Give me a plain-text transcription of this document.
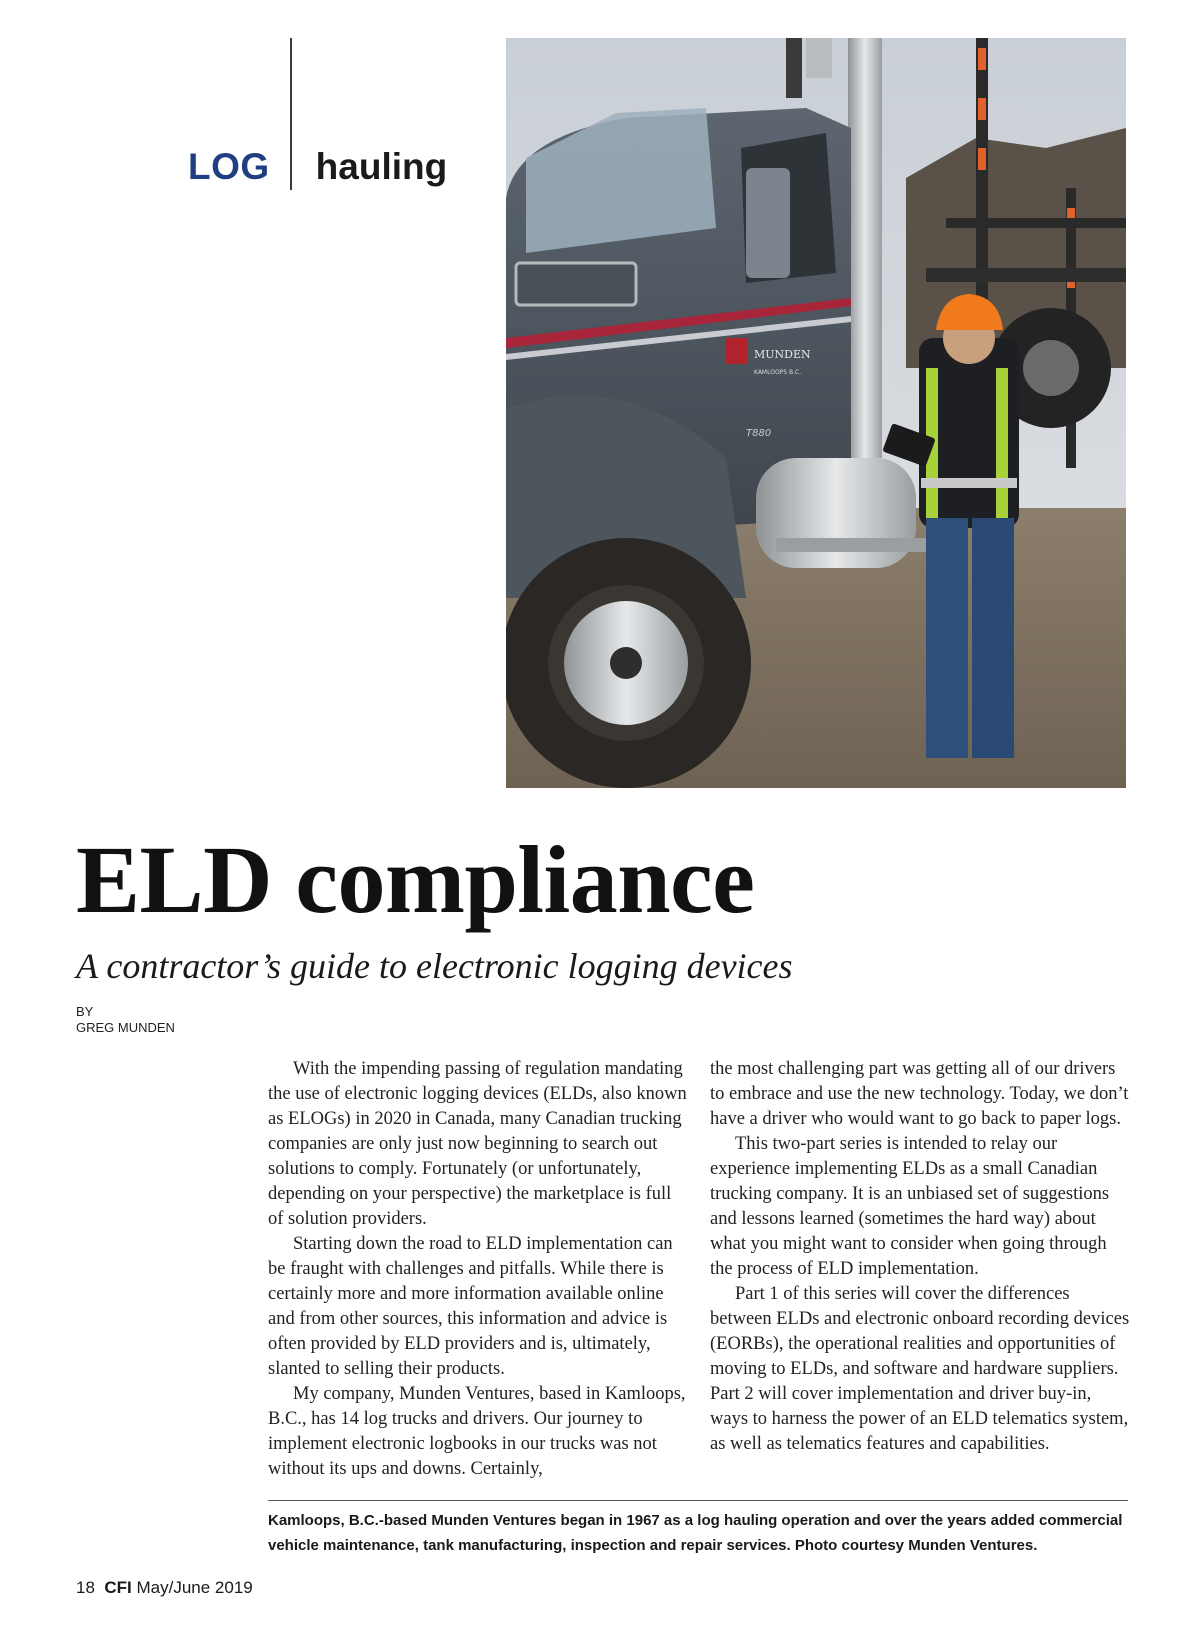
LOG hauling
MUNDEN
KAMLOOPS B.C.
T880
ELD compliance
A contractor’s guide to electronic logging devices
BY
GREG MUNDEN

With the impending passing of regulation mandating the use of electronic logging devices (ELDs, also known as ELOGs) in 2020 in Canada, many Canadian trucking companies are only just now beginning to search out solutions to comply. Fortunately (or unfortunately, depending on your perspective) the marketplace is full of solution providers.

Starting down the road to ELD implementation can be fraught with challenges and pitfalls. While there is certainly more and more information available online and from other sources, this information and advice is often provided by ELD providers and is, ultimately, slanted to selling their products.

My company, Munden Ventures, based in Kamloops, B.C., has 14 log trucks and drivers. Our journey to implement electronic logbooks in our trucks was not without its ups and downs. Certainly,

the most challenging part was getting all of our drivers to embrace and use the new technology. Today, we don’t have a driver who would want to go back to paper logs.

This two-part series is intended to relay our experience implementing ELDs as a small Canadian trucking company. It is an unbiased set of suggestions and lessons learned (sometimes the hard way) about what you might want to consider when going through the process of ELD implementation.

Part 1 of this series will cover the differences between ELDs and electronic onboard recording devices (EORBs), the operational realities and opportunities of moving to ELDs, and software and hardware suppliers. Part 2 will cover implementation and driver buy-in, ways to harness the power of an ELD telematics system, as well as telematics features and capabilities.

Kamloops, B.C.-based Munden Ventures began in 1967 as a log hauling operation and over the years added commercial vehicle maintenance, tank manufacturing, inspection and repair services. Photo courtesy Munden Ventures.
18 CFI May/June 2019
